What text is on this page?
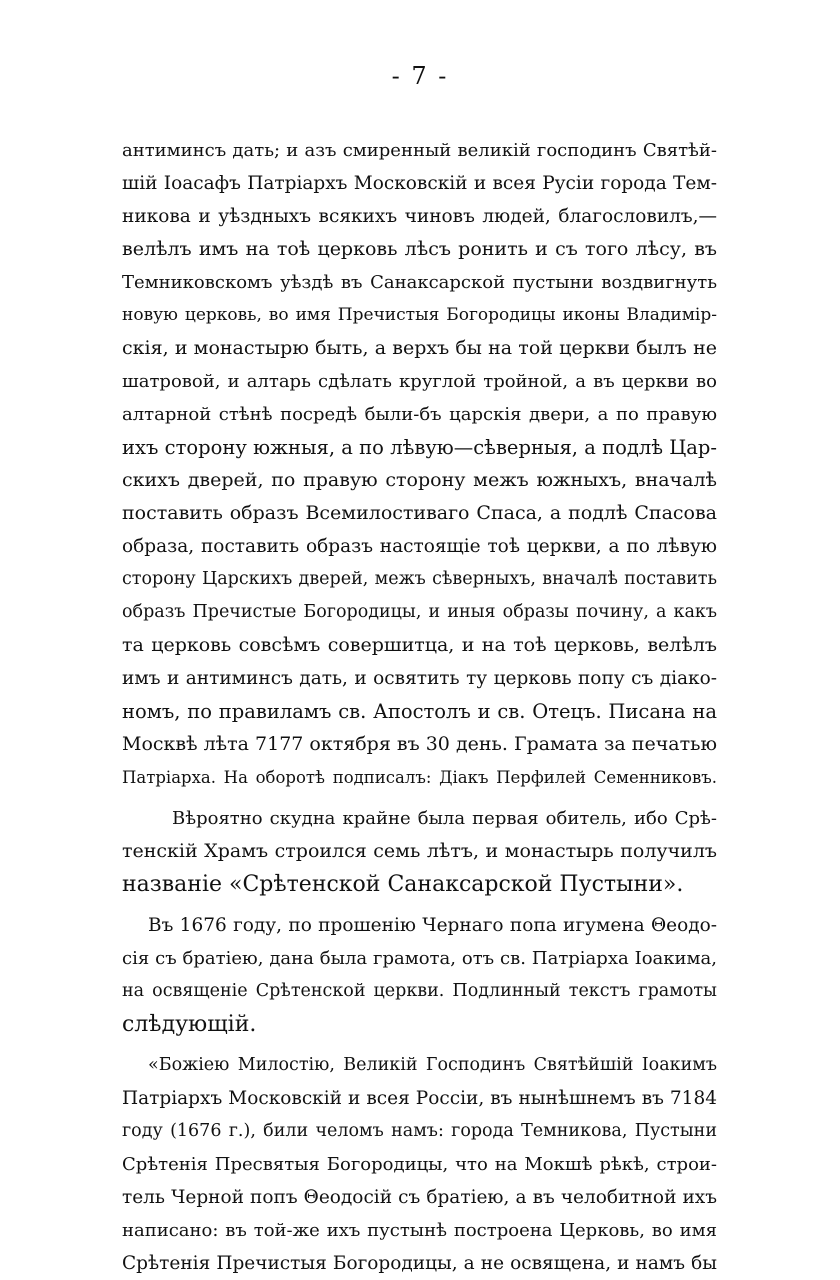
- 7 -
антиминсъ дать; и азъ смиренный великій господинъ Святѣй-
шій Іоасафъ Патріархъ Московскій и всея Русіи города Тем-
никова и уѣздныхъ всякихъ чиновъ людей, благословилъ,—
велѣлъ имъ на тоѣ церковь лѣсъ ронить и съ того лѣсу, въ
Темниковскомъ уѣздѣ въ Санаксарской пустыни воздвигнуть
новую церковь, во имя Пречистыя Богородицы иконы Владимір-
скія, и монастырю быть, а верхъ бы на той церкви былъ не
шатровой, и алтарь сдѣлать круглой тройной, а въ церкви во
алтарной стѣнѣ посредѣ были-бъ царскія двери, а по правую
ихъ сторону южныя, а по лѣвую—сѣверныя, а подлѣ Цар-
скихъ дверей, по правую сторону межъ южныхъ, вначалѣ
поставить образъ Всемилостиваго Спаса, а подлѣ Спасова
образа, поставить образъ настоящіе тоѣ церкви, а по лѣвую
сторону Царскихъ дверей, межъ сѣверныхъ, вначалѣ поставить
образъ Пречистые Богородицы, и иныя образы почину, а какъ
та церковь совсѣмъ совершитца, и на тоѣ церковь, велѣлъ
имъ и антиминсъ дать, и освятить ту церковь попу съ діако-
номъ, по правиламъ св. Апостолъ и св. Отецъ. Писана на
Москвѣ лѣта 7177 октября въ 30 день. Грамата за печатью
Патріарха. На оборотѣ подписалъ: Діакъ Перфилей Семенниковъ.
Вѣроятно скудна крайне была первая обитель, ибо Срѣ-
тенскій Храмъ строился семь лѣтъ, и монастырь получилъ
названіе «Срѣтенской Санаксарской Пустыни».
Въ 1676 году, по прошенію Чернаго попа игумена Θеодо-
сія съ братіею, дана была грамота, отъ св. Патріарха Іоакима,
на освященіе Срѣтенской церкви. Подлинный текстъ грамоты
слѣдующій.
«Божіею Милостію, Великій Господинъ Святѣйшій Іоакимъ
Патріархъ Московскій и всея Россіи, въ нынѣшнемъ въ 7184
году (1676 г.), били челомъ намъ: города Темникова, Пустыни
Срѣтенія Пресвятыя Богородицы, что на Мокшѣ рѣкѣ, строи-
тель Черной попъ Θеодосій съ братіею, а въ челобитной ихъ
написано: въ той-же ихъ пустынѣ построена Церковь, во имя
Срѣтенія Пречистыя Богородицы, а не освящена, и намъ бы
